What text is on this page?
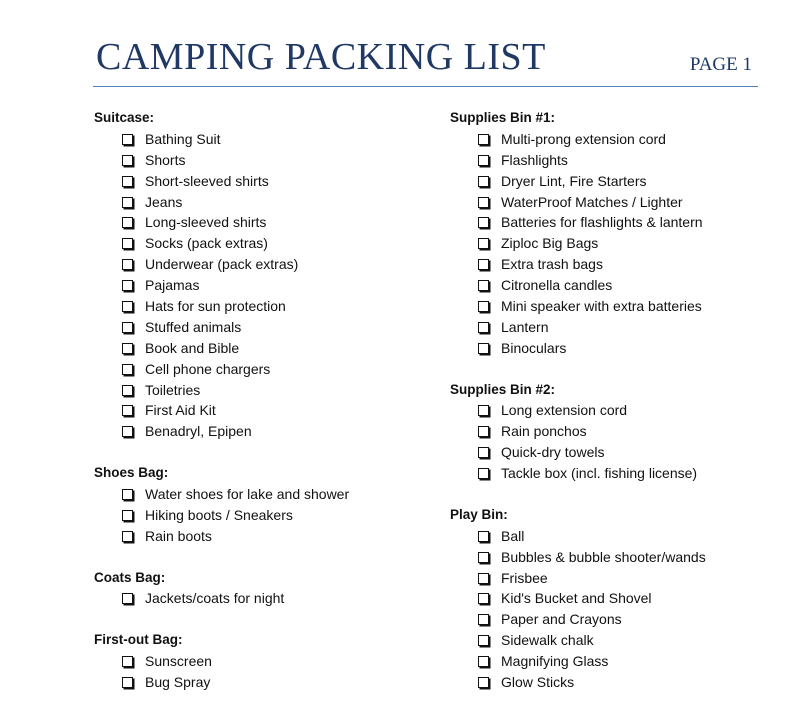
CAMPING PACKING LIST	PAGE 1
Suitcase:
Bathing Suit
Shorts
Short-sleeved shirts
Jeans
Long-sleeved shirts
Socks (pack extras)
Underwear (pack extras)
Pajamas
Hats for sun protection
Stuffed animals
Book and Bible
Cell phone chargers
Toiletries
First Aid Kit
Benadryl, Epipen
Shoes Bag:
Water shoes for lake and shower
Hiking boots / Sneakers
Rain boots
Coats Bag:
Jackets/coats for night
First-out Bag:
Sunscreen
Bug Spray
Supplies Bin #1:
Multi-prong extension cord
Flashlights
Dryer Lint, Fire Starters
WaterProof Matches / Lighter
Batteries for flashlights & lantern
Ziploc Big Bags
Extra trash bags
Citronella candles
Mini speaker with extra batteries
Lantern
Binoculars
Supplies Bin #2:
Long extension cord
Rain ponchos
Quick-dry towels
Tackle box (incl. fishing license)
Play Bin:
Ball
Bubbles & bubble shooter/wands
Frisbee
Kid's Bucket and Shovel
Paper and Crayons
Sidewalk chalk
Magnifying Glass
Glow Sticks
